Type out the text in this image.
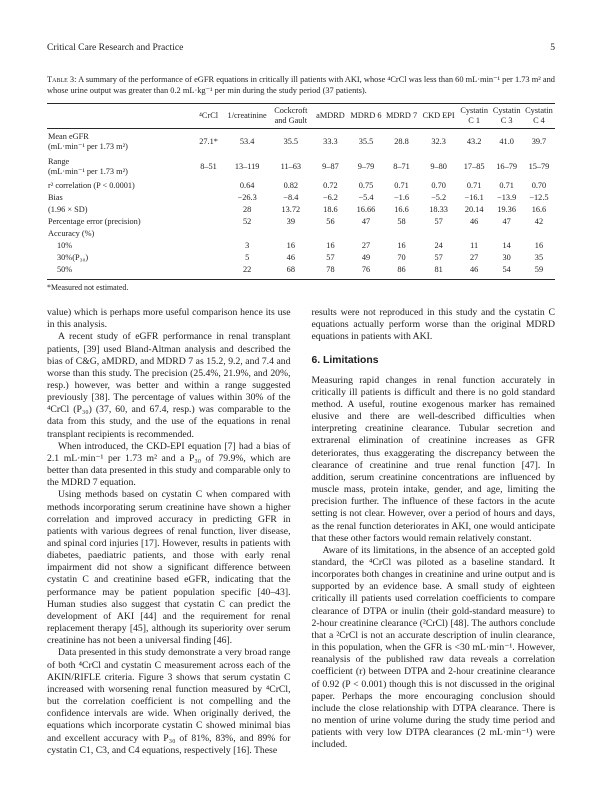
Critical Care Research and Practice	5
Table 3: A summary of the performance of eGFR equations in critically ill patients with AKI, whose ⁴CrCl was less than 60 mL·min⁻¹ per 1.73 m² and whose urine output was greater than 0.2 mL·kg⁻¹ per min during the study period (37 patients).
	⁴CrCl	1/creatinine	Cockcroft and Gault	aMDRD	MDRD 6	MDRD 7	CKD EPI	Cystatin C 1	Cystatin C 3	Cystatin C 4
Mean eGFR
(mL·min⁻¹ per 1.73 m²)	27.1*	53.4	35.5	33.3	35.5	28.8	32.3	43.2	41.0	39.7
Range
(mL·min⁻¹ per 1.73 m²)	8–51	13–119	11–63	9–87	9–79	8–71	9–80	17–85	16–79	15–79
r² correlation (P < 0.0001)		0.64	0.82	0.72	0.75	0.71	0.70	0.71	0.71	0.70
Bias		−26.3	−8.4	−6.2	−5.4	−1.6	−5.2	−16.1	−13.9	−12.5
(1.96 × SD)		28	13.72	18.6	16.66	16.6	18.33	20.14	19.36	16.6
Percentage error (precision)		52	39	56	47	58	57	46	47	42
Accuracy (%)										
10%		3	16	16	27	16	24	11	14	16
30%(P₃₀)		5	46	57	49	70	57	27	30	35
50%		22	68	78	76	86	81	46	54	59
*Measured not estimated.

value) which is perhaps more useful comparison hence its use in this analysis.

A recent study of eGFR performance in renal transplant patients, [39] used Bland-Altman analysis and described the bias of C&G, aMDRD, and MDRD 7 as 15.2, 9.2, and 7.4 and worse than this study. The precision (25.4%, 21.9%, and 20%, resp.) however, was better and within a range suggested previously [38]. The percentage of values within 30% of the ⁴CrCl (P₃₀) (37, 60, and 67.4, resp.) was comparable to the data from this study, and the use of the equations in renal transplant recipients is recommended.

When introduced, the CKD-EPI equation [7] had a bias of 2.1 mL·min⁻¹ per 1.73 m² and a P₃₀ of 79.9%, which are better than data presented in this study and comparable only to the MDRD 7 equation.

Using methods based on cystatin C when compared with methods incorporating serum creatinine have shown a higher correlation and improved accuracy in predicting GFR in patients with various degrees of renal function, liver disease, and spinal cord injuries [17]. However, results in patients with diabetes, paediatric patients, and those with early renal impairment did not show a significant difference between cystatin C and creatinine based eGFR, indicating that the performance may be patient population specific [40–43]. Human studies also suggest that cystatin C can predict the development of AKI [44] and the requirement for renal replacement therapy [45], although its superiority over serum creatinine has not been a universal finding [46].

Data presented in this study demonstrate a very broad range of both ⁴CrCl and cystatin C measurement across each of the AKIN/RIFLE criteria. Figure 3 shows that serum cystatin C increased with worsening renal function measured by ⁴CrCl, but the correlation coefficient is not compelling and the confidence intervals are wide. When originally derived, the equations which incorporate cystatin C showed minimal bias and excellent accuracy with P₃₀ of 81%, 83%, and 89% for cystatin C1, C3, and C4 equations, respectively [16]. These

results were not reproduced in this study and the cystatin C equations actually perform worse than the original MDRD equations in patients with AKI.

6. Limitations

Measuring rapid changes in renal function accurately in critically ill patients is difficult and there is no gold standard method. A useful, routine exogenous marker has remained elusive and there are well-described difficulties when interpreting creatinine clearance. Tubular secretion and extrarenal elimination of creatinine increases as GFR deteriorates, thus exaggerating the discrepancy between the clearance of creatinine and true renal function [47]. In addition, serum creatinine concentrations are influenced by muscle mass, protein intake, gender, and age, limiting the precision further. The influence of these factors in the acute setting is not clear. However, over a period of hours and days, as the renal function deteriorates in AKI, one would anticipate that these other factors would remain relatively constant.

Aware of its limitations, in the absence of an accepted gold standard, the ⁴CrCl was piloted as a baseline standard. It incorporates both changes in creatinine and urine output and is supported by an evidence base. A small study of eighteen critically ill patients used correlation coefficients to compare clearance of DTPA or inulin (their gold-standard measure) to 2-hour creatinine clearance (²CrCl) [48]. The authors conclude that a ²CrCl is not an accurate description of inulin clearance, in this population, when the GFR is <30 mL·min⁻¹. However, reanalysis of the published raw data reveals a correlation coefficient (r) between DTPA and 2-hour creatinine clearance of 0.92 (P < 0.001) though this is not discussed in the original paper. Perhaps the more encouraging conclusion should include the close relationship with DTPA clearance. There is no mention of urine volume during the study time period and patients with very low DTPA clearances (2 mL·min⁻¹) were included.
